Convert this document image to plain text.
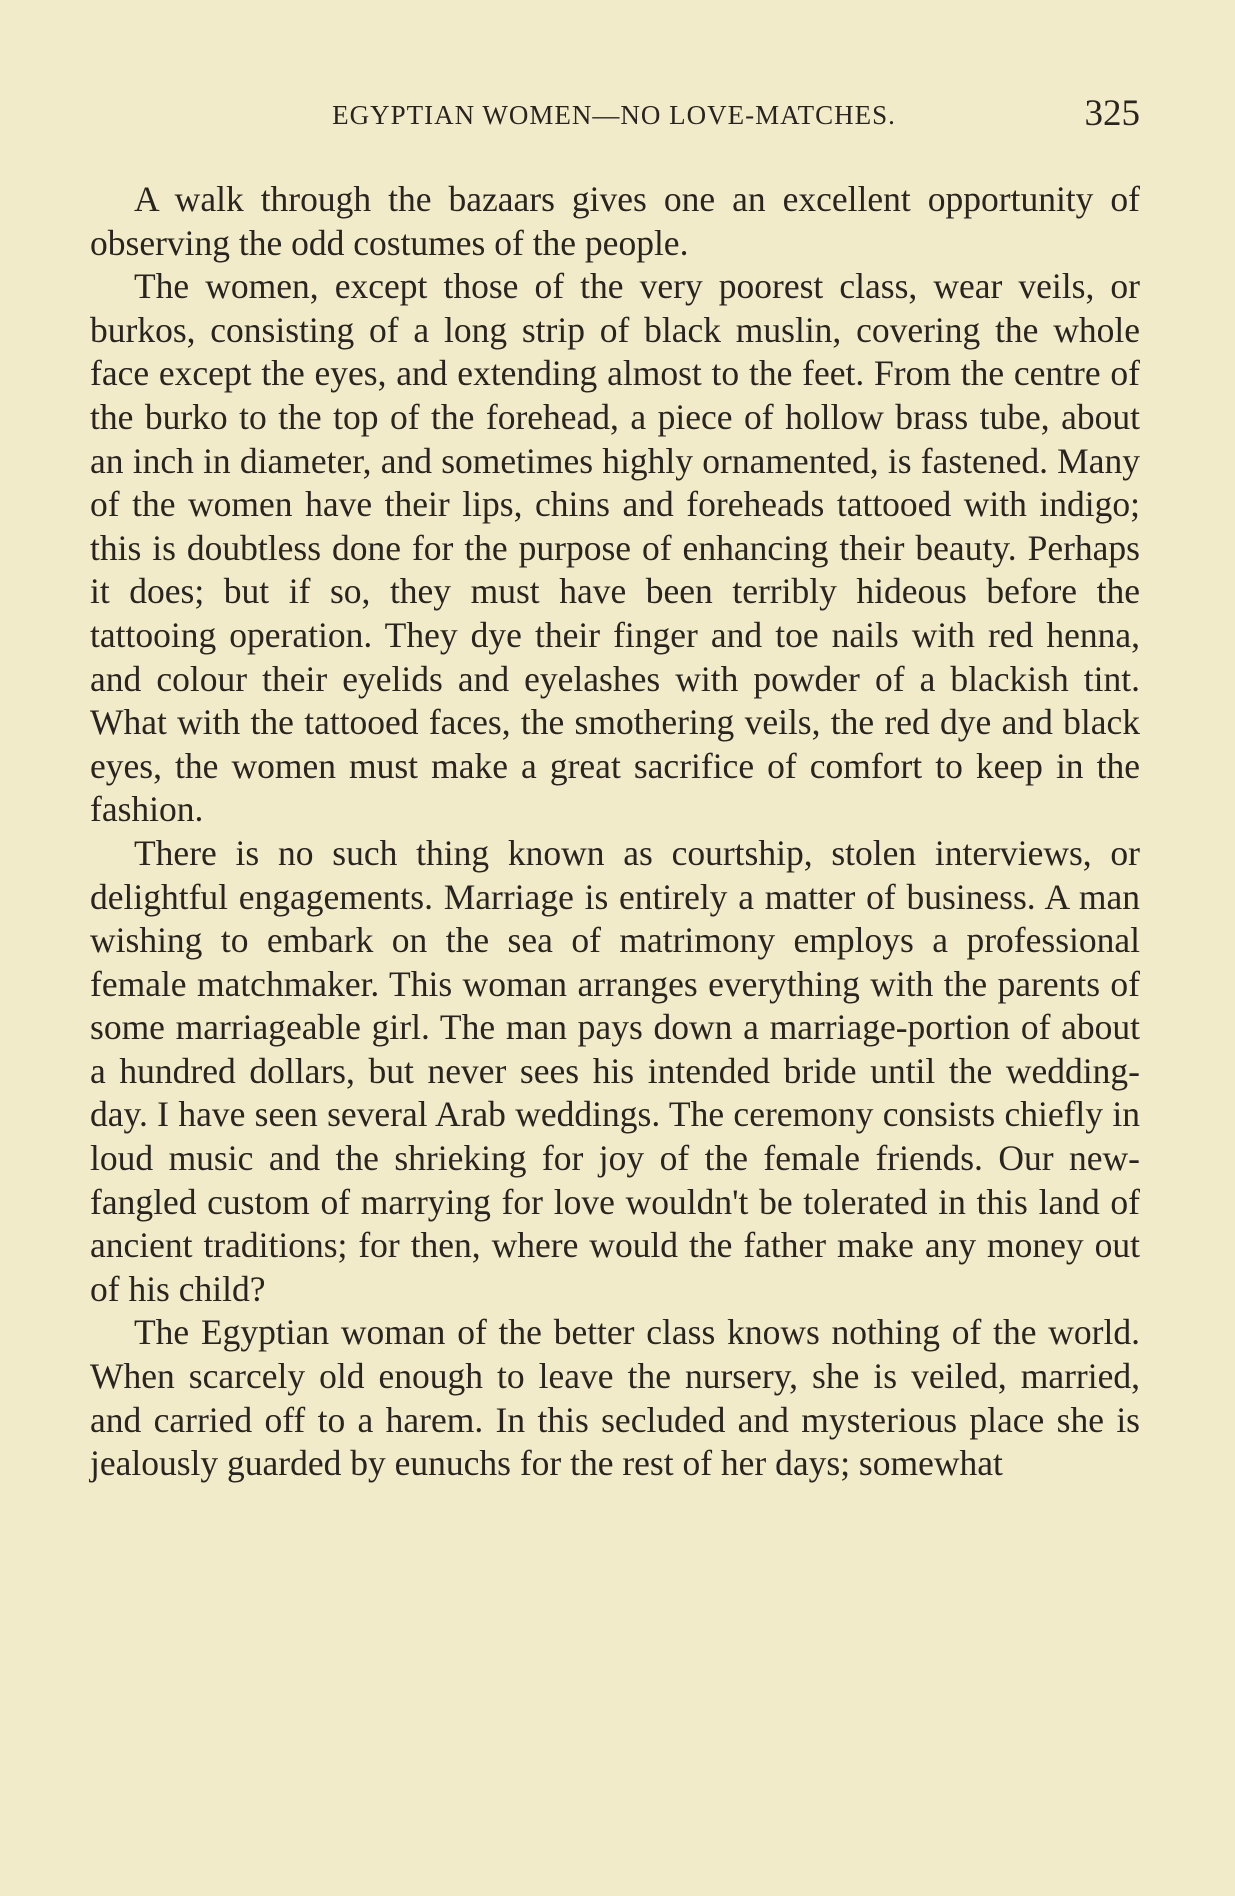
EGYPTIAN WOMEN—NO LOVE-MATCHES.	325

A walk through the bazaars gives one an excellent opportunity of observing the odd costumes of the people.

The women, except those of the very poorest class, wear veils, or burkos, consisting of a long strip of black muslin, covering the whole face except the eyes, and extending almost to the feet. From the centre of the burko to the top of the forehead, a piece of hollow brass tube, about an inch in diameter, and sometimes highly ornamented, is fastened. Many of the women have their lips, chins and foreheads tattooed with indigo; this is doubtless done for the purpose of enhancing their beauty. Perhaps it does; but if so, they must have been terribly hideous before the tattooing operation. They dye their finger and toe nails with red henna, and colour their eyelids and eyelashes with powder of a blackish tint. What with the tattooed faces, the smothering veils, the red dye and black eyes, the women must make a great sacrifice of comfort to keep in the fashion.

There is no such thing known as courtship, stolen interviews, or delightful engagements. Marriage is entirely a matter of business. A man wishing to embark on the sea of matrimony employs a professional female matchmaker. This woman arranges everything with the parents of some marriageable girl. The man pays down a marriage-portion of about a hundred dollars, but never sees his intended bride until the wedding-day. I have seen several Arab weddings. The ceremony consists chiefly in loud music and the shrieking for joy of the female friends. Our new-fangled custom of marrying for love wouldn't be tolerated in this land of ancient traditions; for then, where would the father make any money out of his child?

The Egyptian woman of the better class knows nothing of the world. When scarcely old enough to leave the nursery, she is veiled, married, and carried off to a harem. In this secluded and mysterious place she is jealously guarded by eunuchs for the rest of her days; somewhat
